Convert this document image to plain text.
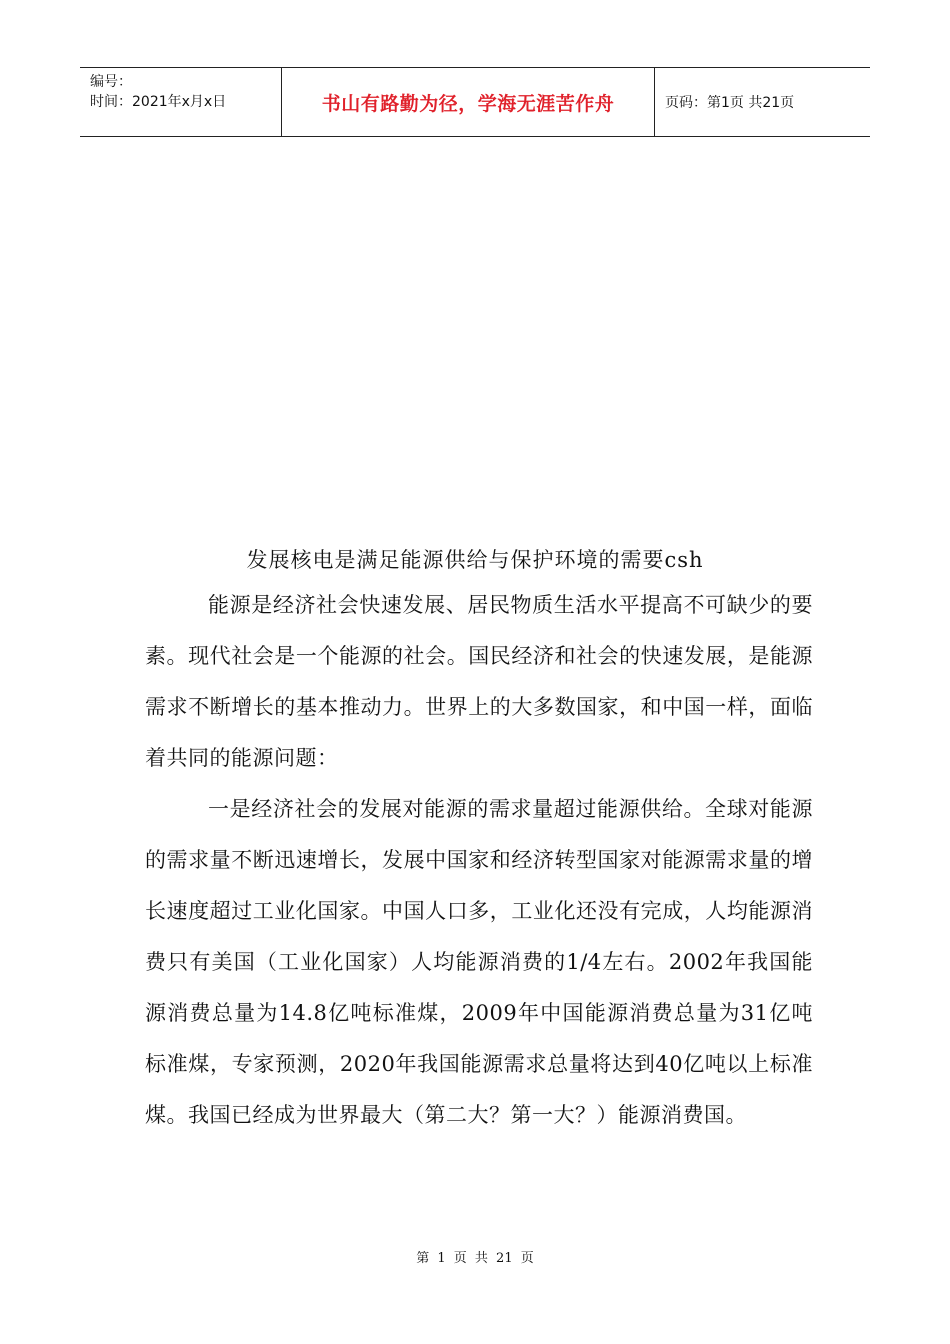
编号：
时间：2021年x月x日	书山有路勤为径，学海无涯苦作舟	页码：第1页 共21页
发展核电是满足能源供给与保护环境的需要csh

能源是经济社会快速发展、居民物质生活水平提高不可缺少的要素。现代社会是一个能源的社会。国民经济和社会的快速发展，是能源需求不断增长的基本推动力。世界上的大多数国家，和中国一样，面临着共同的能源问题：

一是经济社会的发展对能源的需求量超过能源供给。全球对能源的需求量不断迅速增长，发展中国家和经济转型国家对能源需求量的增长速度超过工业化国家。中国人口多，工业化还没有完成，人均能源消费只有美国（工业化国家）人均能源消费的1/4左右。2002年我国能源消费总量为14.8亿吨标准煤，2009年中国能源消费总量为31亿吨标准煤，专家预测，2020年我国能源需求总量将达到40亿吨以上标准煤。我国已经成为世界最大（第二大？第一大？）能源消费国。

第 1 页 共 21 页
